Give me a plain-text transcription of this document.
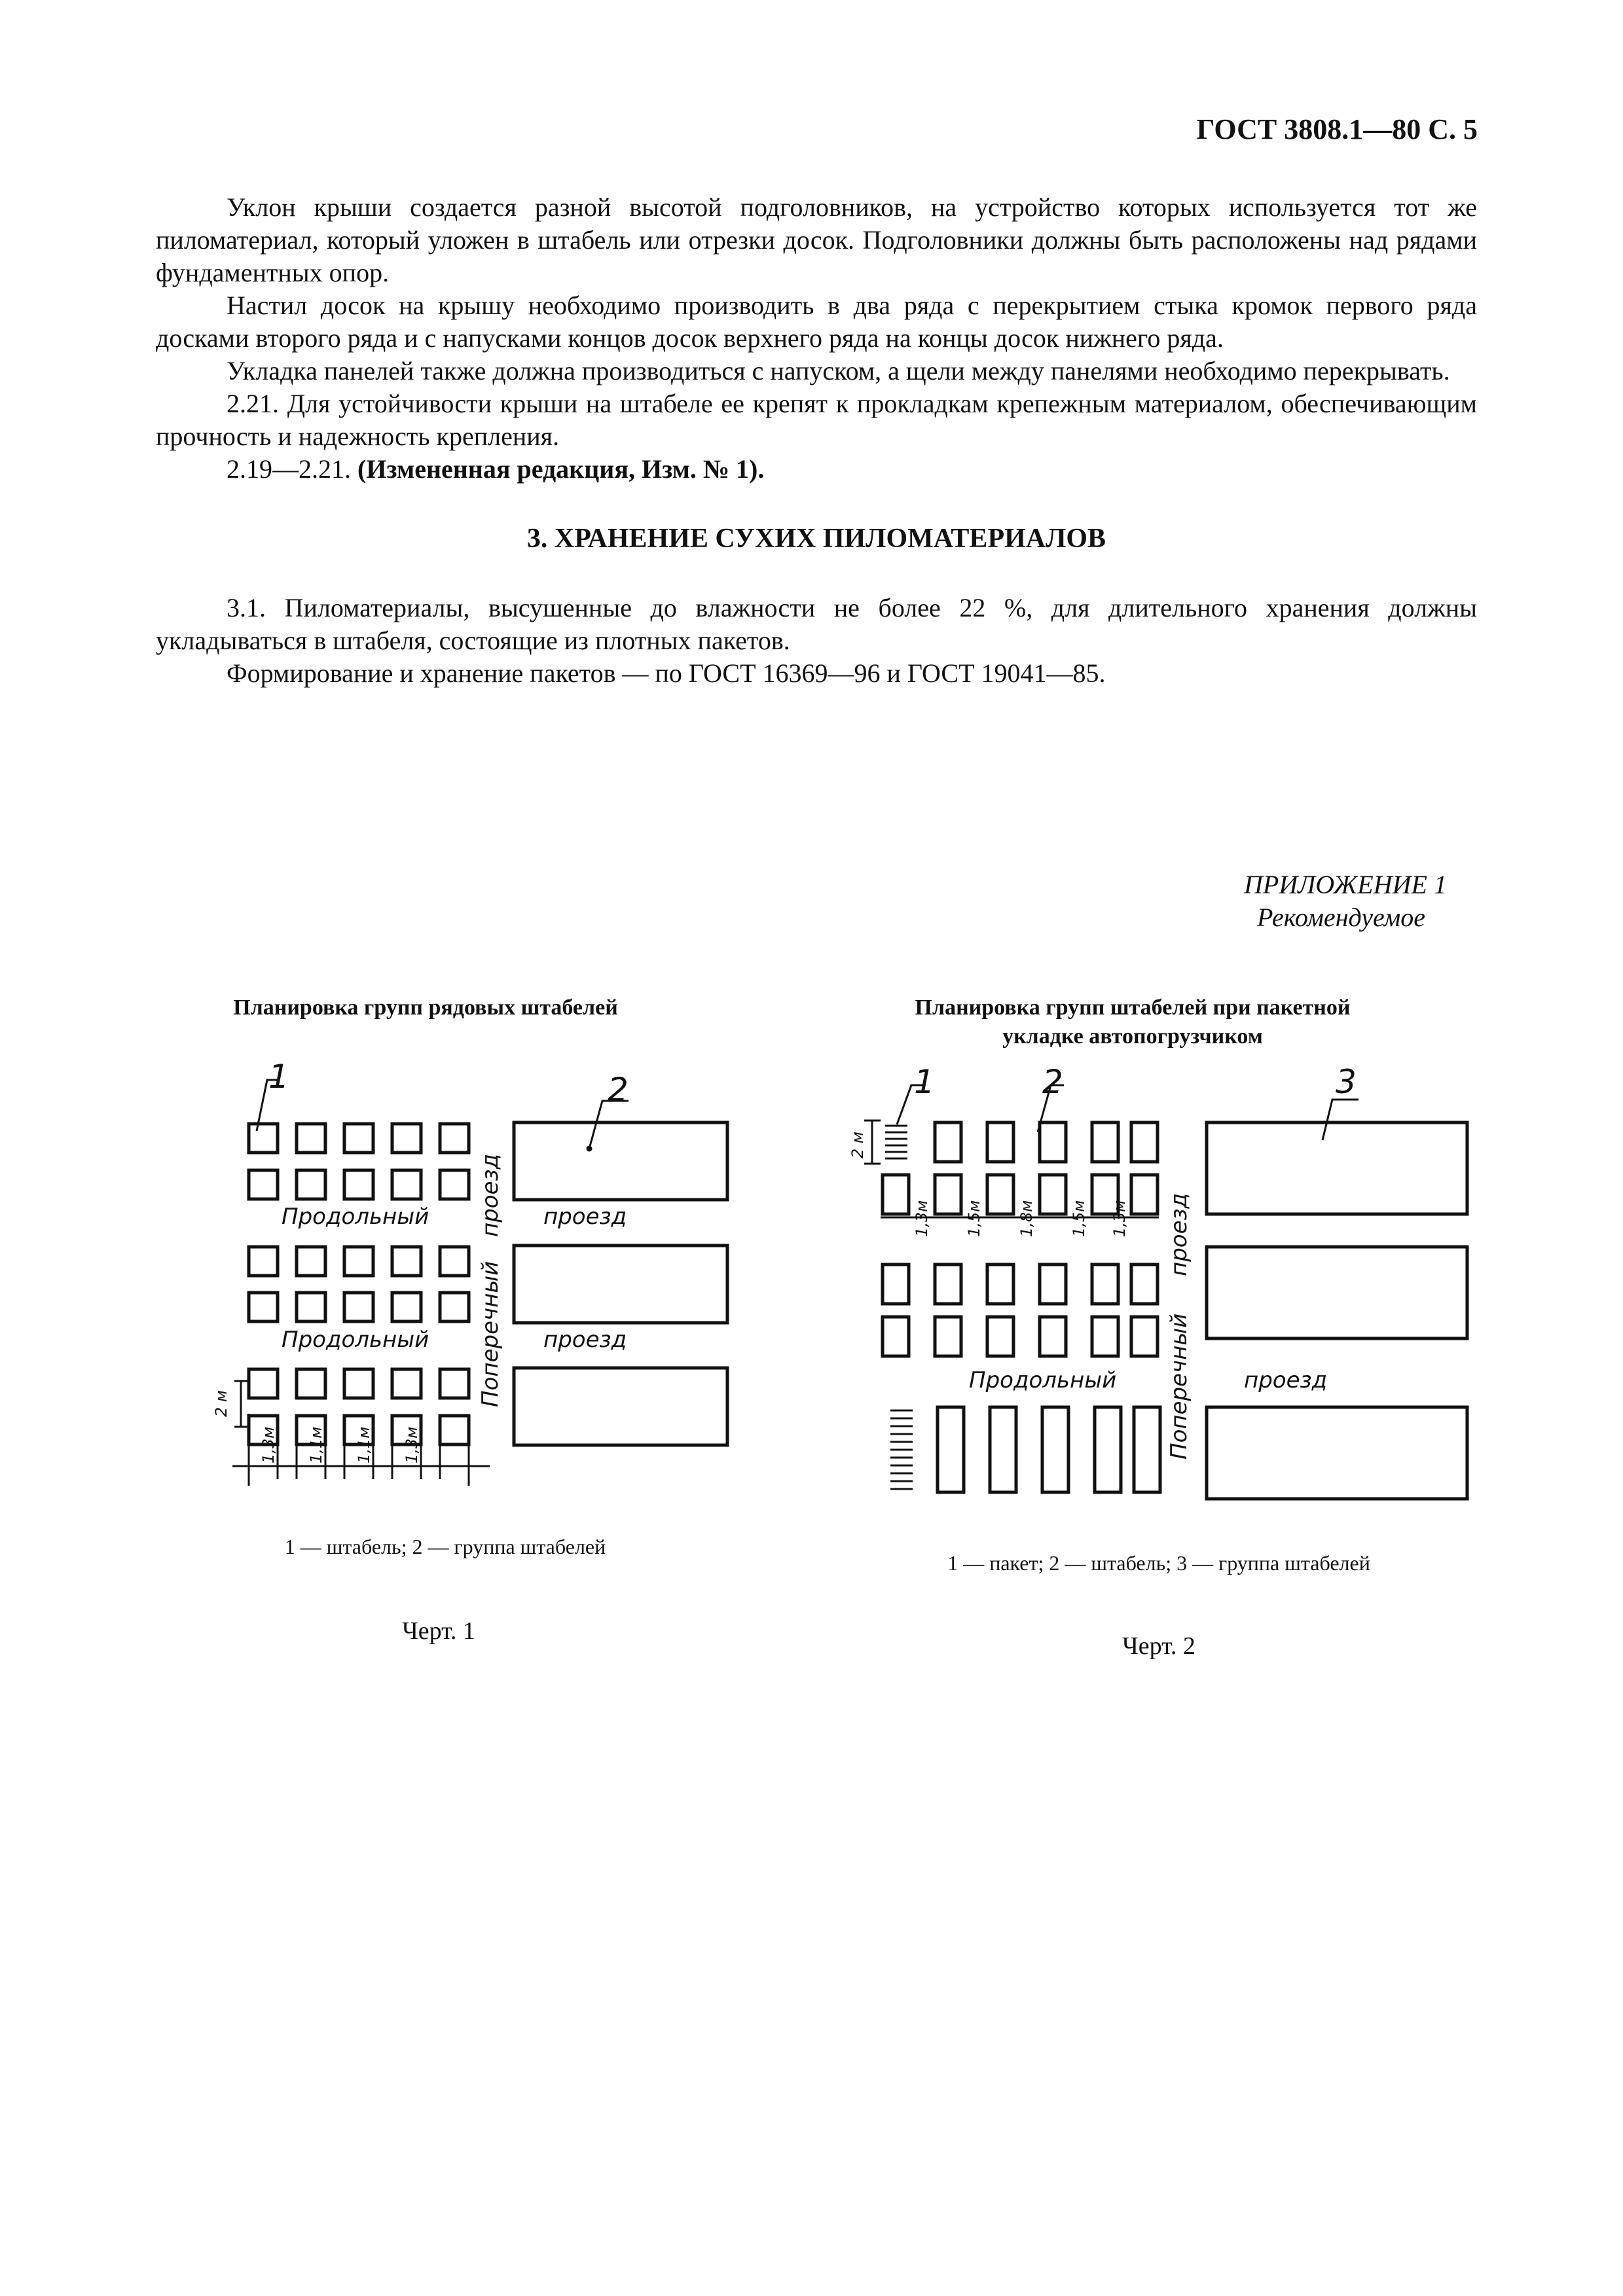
ГОСТ 3808.1—80 С. 5

Уклон крыши создается разной высотой подголовников, на устройство которых используется тот же пиломатериал, который уложен в штабель или отрезки досок. Подголовники должны быть расположены над рядами фундаментных опор.

Настил досок на крышу необходимо производить в два ряда с перекрытием стыка кромок первого ряда досками второго ряда и с напусками концов досок верхнего ряда на концы досок нижнего ряда.

Укладка панелей также должна производиться с напуском, а щели между панелями необходимо перекрывать.

2.21. Для устойчивости крыши на штабеле ее крепят к прокладкам крепежным материалом, обеспечивающим прочность и надежность крепления.

2.19—2.21. (Измененная редакция, Изм. № 1).

3. ХРАНЕНИЕ СУХИХ ПИЛОМАТЕРИАЛОВ

3.1. Пиломатериалы, высушенные до влажности не более 22 %, для длительного хранения должны укладываться в штабеля, состоящие из плотных пакетов.

Формирование и хранение пакетов — по ГОСТ 16369—96 и ГОСТ 19041—85.

ПРИЛОЖЕНИЕ 1
Рекомендуемое
Планировка групп рядовых штабелей
1	2
Продольный	проезд
Продольный	проезд
Поперечный
проезд
2 м
1,3м 1,1м 1,1м 1,3м
1	2	3
2 м
1,3м 1,5м 1,8м 1,5м 1,3м
Продольный	проезд
Поперечный
проезд
Планировка групп штабелей при пакетной
укладке автопогрузчиком
1 — штабель; 2 — группа штабелей
Черт. 1
1 — пакет; 2 — штабель; 3 — группа штабелей
Черт. 2
